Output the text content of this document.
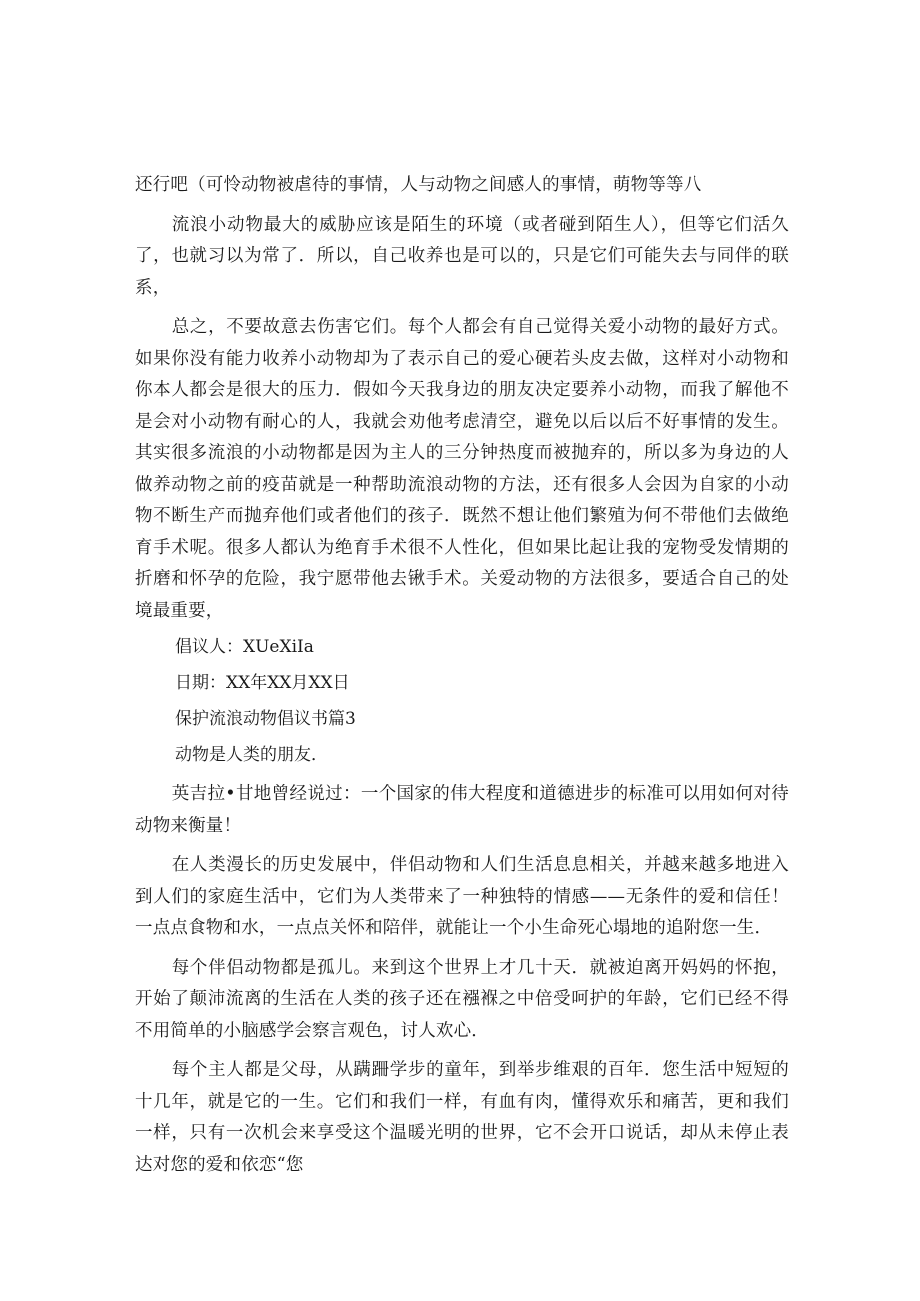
还行吧（可怜动物被虐待的事情，人与动物之间感人的事情，萌物等等八

流浪小动物最大的威胁应该是陌生的环境（或者碰到陌生人），但等它们活久了，也就习以为常了．所以，自己收养也是可以的，只是它们可能失去与同伴的联系，

总之，不要故意去伤害它们。每个人都会有自己觉得关爱小动物的最好方式。如果你没有能力收养小动物却为了表示自己的爱心硬若头皮去做，这样对小动物和你本人都会是很大的压力．假如今天我身边的朋友决定要养小动物，而我了解他不是会对小动物有耐心的人，我就会劝他考虑清空，避免以后以后不好事情的发生。其实很多流浪的小动物都是因为主人的三分钟热度而被抛弃的，所以多为身边的人做养动物之前的疫苗就是一种帮助流浪动物的方法，还有很多人会因为自家的小动物不断生产而抛弃他们或者他们的孩子．既然不想让他们繁殖为何不带他们去做绝育手术呢。很多人都认为绝育手术很不人性化，但如果比起让我的宠物受发情期的折磨和怀孕的危险，我宁愿带他去锹手术。关爱动物的方法很多，要适合自己的处境最重要，

倡议人：XUeXiIa

日期：XX年XX月XX日

保护流浪动物倡议书篇3

动物是人类的朋友．

英吉拉•甘地曾经说过：一个国家的伟大程度和道德进步的标准可以用如何对待动物来衡量！

在人类漫长的历史发展中，伴侣动物和人们生活息息相关，并越来越多地进入到人们的家庭生活中，它们为人类带来了一种独特的情感——无条件的爱和信任！一点点食物和水，一点点关怀和陪伴，就能让一个小生命死心塌地的追附您一生．

每个伴侣动物都是孤儿。来到这个世界上才几十天．就被迫离开妈妈的怀抱，开始了颠沛流离的生活在人类的孩子还在襁褓之中倍受呵护的年龄，它们已经不得不用简单的小脑感学会察言观色，讨人欢心．

每个主人都是父母，从蹒跚学步的童年，到举步维艰的百年．您生活中短短的十几年，就是它的一生。它们和我们一样，有血有肉，懂得欢乐和痛苦，更和我们一样，只有一次机会来享受这个温暖光明的世界，它不会开口说话，却从未停止表达对您的爱和依恋“您
